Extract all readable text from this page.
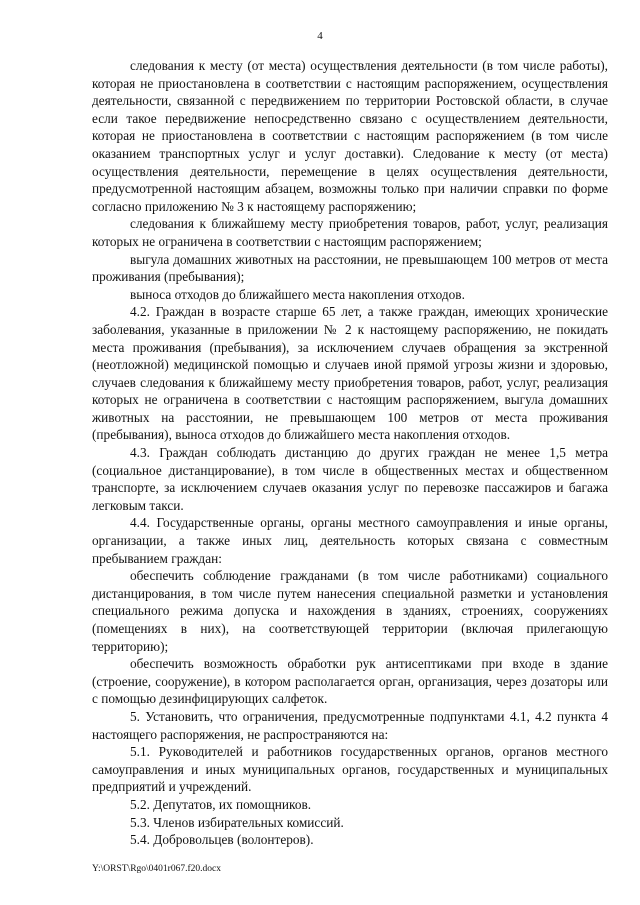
4

следования к месту (от места) осуществления деятельности (в том числе работы), которая не приостановлена в соответствии с настоящим распоряжением, осуществления деятельности, связанной с передвижением по территории Ростовской области, в случае если такое передвижение непосредственно связано с осуществлением деятельности, которая не приостановлена в соответствии с настоящим распоряжением (в том числе оказанием транспортных услуг и услуг доставки). Следование к месту (от места) осуществления деятельности, перемещение в целях осуществления деятельности, предусмотренной настоящим абзацем, возможны только при наличии справки по форме согласно приложению № 3 к настоящему распоряжению;

следования к ближайшему месту приобретения товаров, работ, услуг, реализация которых не ограничена в соответствии с настоящим распоряжением;

выгула домашних животных на расстоянии, не превышающем 100 метров от места проживания (пребывания);

выноса отходов до ближайшего места накопления отходов.

4.2. Граждан в возрасте старше 65 лет, а также граждан, имеющих хронические заболевания, указанные в приложении № 2 к настоящему распоряжению, не покидать места проживания (пребывания), за исключением случаев обращения за экстренной (неотложной) медицинской помощью и случаев иной прямой угрозы жизни и здоровью, случаев следования к ближайшему месту приобретения товаров, работ, услуг, реализация которых не ограничена в соответствии с настоящим распоряжением, выгула домашних животных на расстоянии, не превышающем 100 метров от места проживания (пребывания), выноса отходов до ближайшего места накопления отходов.

4.3. Граждан соблюдать дистанцию до других граждан не менее 1,5 метра (социальное дистанцирование), в том числе в общественных местах и общественном транспорте, за исключением случаев оказания услуг по перевозке пассажиров и багажа легковым такси.

4.4. Государственные органы, органы местного самоуправления и иные органы, организации, а также иных лиц, деятельность которых связана с совместным пребыванием граждан:

обеспечить соблюдение гражданами (в том числе работниками) социального дистанцирования, в том числе путем нанесения специальной разметки и установления специального режима допуска и нахождения в зданиях, строениях, сооружениях (помещениях в них), на соответствующей территории (включая прилегающую территорию);

обеспечить возможность обработки рук антисептиками при входе в здание (строение, сооружение), в котором располагается орган, организация, через дозаторы или с помощью дезинфицирующих салфеток.

5. Установить, что ограничения, предусмотренные подпунктами 4.1, 4.2 пункта 4 настоящего распоряжения, не распространяются на:

5.1. Руководителей и работников государственных органов, органов местного самоуправления и иных муниципальных органов, государственных и муниципальных предприятий и учреждений.

5.2. Депутатов, их помощников.

5.3. Членов избирательных комиссий.

5.4. Добровольцев (волонтеров).

Y:\ORST\Rgo\0401r067.f20.docx
